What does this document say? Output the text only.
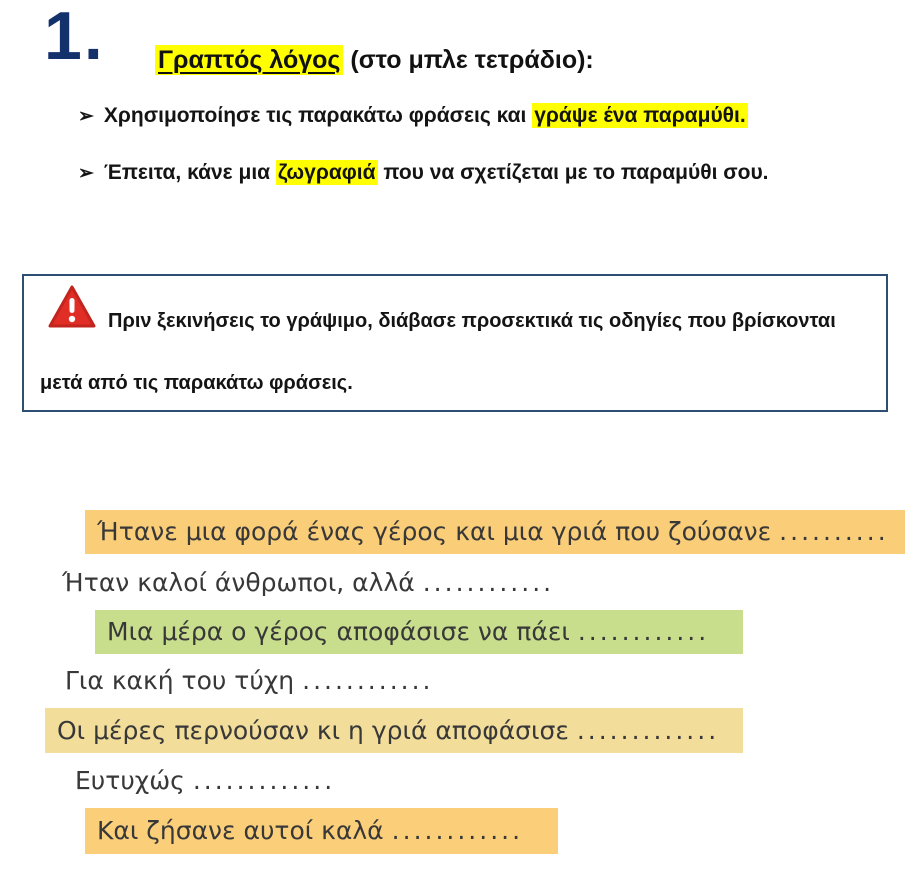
1. Γραπτός λόγος (στο μπλε τετράδιο):
➢ Χρησιμοποίησε τις παρακάτω φράσεις και γράψε ένα παραμύθι.
➢ Έπειτα, κάνε μια ζωγραφιά που να σχετίζεται με το παραμύθι σου.
Πριν ξεκινήσεις το γράψιμο, διάβασε προσεκτικά τις οδηγίες που βρίσκονται
μετά από τις παρακάτω φράσεις.
Ήτανε μια φορά ένας γέρος και μια γριά που ζούσανε ..........
Ήταν καλοί άνθρωποι, αλλά ............
Μια μέρα ο γέρος αποφάσισε να πάει ............
Για κακή του τύχη ............
Οι μέρες περνούσαν κι η γριά αποφάσισε .............
Ευτυχώς .............
Και ζήσανε αυτοί καλά ............
